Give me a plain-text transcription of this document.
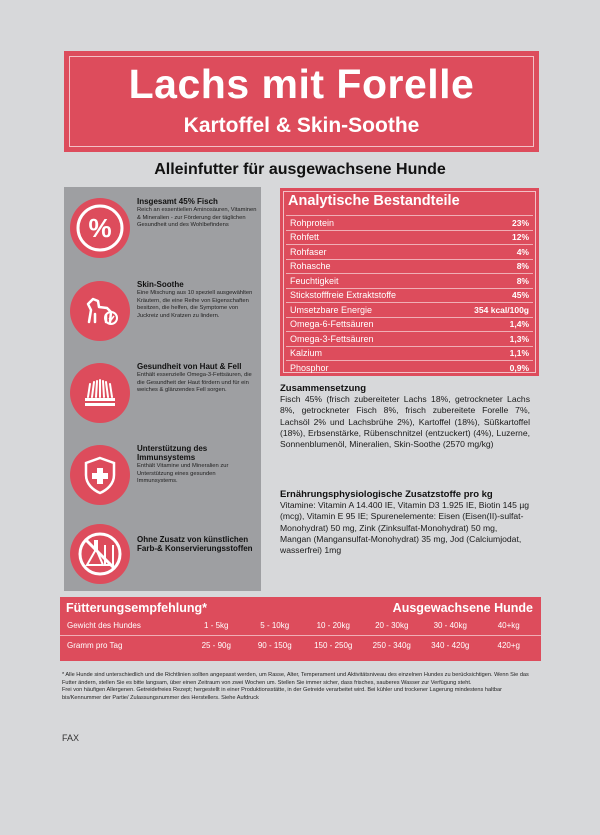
Lachs mit Forelle
Kartoffel & Skin-Soothe
Alleinfutter für ausgewachsene Hunde
%
Insgesamt 45% Fisch
Reich an essentiellen Aminosäuren, Vitaminen & Mineralien - zur Förderung der täglichen Gesundheit und des Wohlbefindens
Skin-Soothe
Eine Mischung aus 10 speziell ausgewählten Kräutern, die eine Reihe von Eigenschaften besitzen, die helfen, die Symptome von Juckreiz und Kratzen zu lindern.
Gesundheit von Haut & Fell
Enthält essenzielle Omega-3-Fettsäuren, die die Gesundheit der Haut fördern und für ein weiches & glänzendes Fell sorgen.
Unterstützung des Immunsystems
Enthält Vitamine und Mineralien zur Unterstützung eines gesunden Immunsystems.
Ohne Zusatz von künstlichen Farb-& Konservierungsstoffen
Analytische Bestandteile
Rohprotein	23%
Rohfett	12%
Rohfaser	4%
Rohasche	8%
Feuchtigkeit	8%
Stickstofffreie Extraktstoffe	45%
Umsetzbare Energie	354 kcal/100g
Omega-6-Fettsäuren	1,4%
Omega-3-Fettsäuren	1,3%
Kalzium	1,1%
Phosphor	0,9%
Zusammensetzung

Fisch 45% (frisch zubereiteter Lachs 18%, getrockneter Lachs 8%, getrockneter Fisch 8%, frisch zubereitete Forelle 7%, Lachsöl 2% und Lachsbrühe 2%), Kartoffel (18%), Süßkartoffel (18%), Erbsenstärke, Rübenschnitzel (entzuckert) (4%), Luzerne, Sonnenblumenöl, Mineralien, Skin-Soothe (2570 mg/kg)

Ernährungsphysiologische Zusatzstoffe pro kg

Vitamine: Vitamin A 14.400 IE, Vitamin D3 1.925 IE, Biotin 145 µg (mcg), Vitamin E 95 IE; Spurenelemente: Eisen (Eisen(II)-sulfat-Monohydrat) 50 mg, Zink (Zinksulfat-Monohydrat) 50 mg, Mangan (Mangansulfat-Monohydrat) 35 mg, Jod (Calciumjodat, wasserfrei) 1mg

Fütterungsempfehlung*	Ausgewachsene Hunde
Gewicht des Hundes	1 - 5kg	5 - 10kg	10 - 20kg	20 - 30kg	30 - 40kg	40+kg
Gramm pro Tag	25 - 90g	90 - 150g	150 - 250g	250 - 340g	340 - 420g	420+g

* Alle Hunde sind unterschiedlich und die Richtlinien sollten angepasst werden, um Rasse, Alter, Temperament und Aktivitätsniveau des einzelnen Hundes zu berücksichtigen. Wenn Sie das Futter ändern, stellen Sie es bitte langsam, über einen Zeitraum von zwei Wochen um. Stellen Sie immer sicher, dass frisches, sauberes Wasser zur Verfügung steht.

Frei von häufigen Allergenen. Getreidefreies Rezept; hergestellt in einer Produktionsstätte, in der Getreide verarbeitet wird. Bei kühler und trockener Lagerung mindestens haltbar bis/Kennummer der Partie/ Zulassungsnummer des Herstellers. Siehe Aufdruck

FAX
